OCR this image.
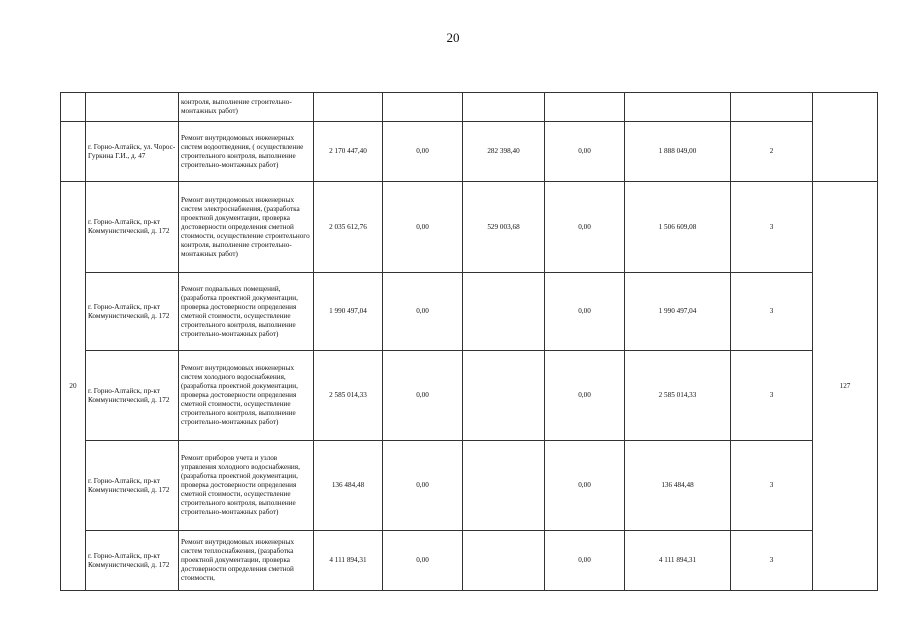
20
		контроля, выполнение строительно-монтажных работ)							
	г. Горно-Алтайск, ул. Чорос-Гуркина Г.И., д. 47	Ремонт внутридомовых инженерных систем водоотведения, ( осуществление строительного контроля, выполнение строительно-монтажных работ)	2 170 447,40	0,00	282 398,40	0,00	1 888 049,00	2	
20	г. Горно-Алтайск, пр-кт Коммунистический, д. 172	Ремонт внутридомовых инженерных систем электроснабжения, (разработка проектной документации, проверка достоверности определения сметной стоимости, осуществление строительного контроля, выполнение строительно-монтажных работ)	2 035 612,76	0,00	529 003,68	0,00	1 506 609,08	3	127
	г. Горно-Алтайск, пр-кт Коммунистический, д. 172	Ремонт подвальных помещений, (разработка проектной документации, проверка достоверности определения сметной стоимости, осуществление строительного контроля, выполнение строительно-монтажных работ)	1 990 497,04	0,00		0,00	1 990 497,04	3	
	г. Горно-Алтайск, пр-кт Коммунистический, д. 172	Ремонт внутридомовых инженерных систем холодного водоснабжения, (разработка проектной документации, проверка достоверности определения сметной стоимости, осуществление строительного контроля, выполнение строительно-монтажных работ)	2 585 014,33	0,00		0,00	2 585 014,33	3	
	г. Горно-Алтайск, пр-кт Коммунистический, д. 172	Ремонт приборов учета и узлов управления холодного водоснабжения, (разработка проектной документации, проверка достоверности определения сметной стоимости, осуществление строительного контроля, выполнение строительно-монтажных работ)	136 484,48	0,00		0,00	136 484,48	3	
	г. Горно-Алтайск, пр-кт Коммунистический, д. 172	Ремонт внутридомовых инженерных систем теплоснабжения, (разработка проектной документации, проверка достоверности определения сметной стоимости,	4 111 894,31	0,00		0,00	4 111 894,31	3	
